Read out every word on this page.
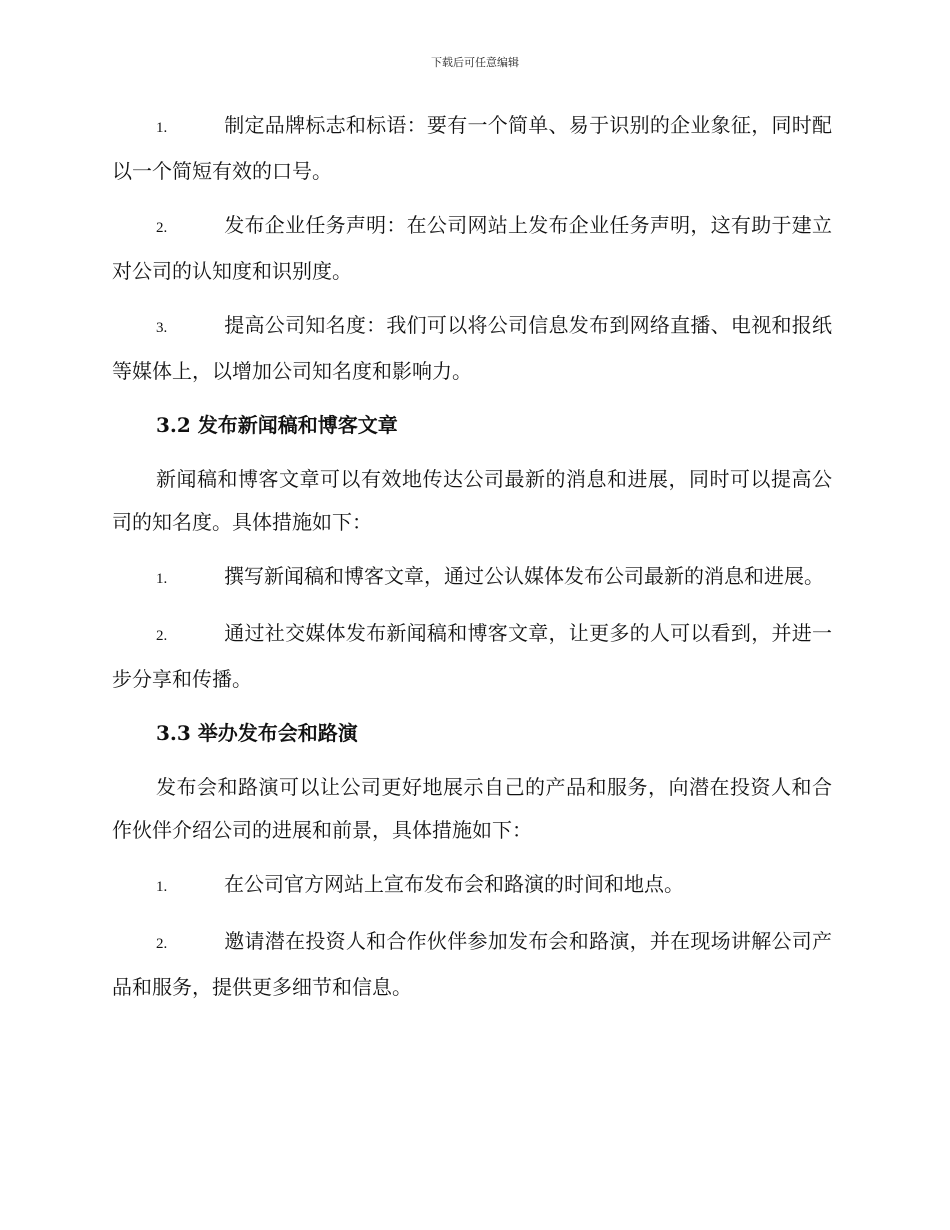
下载后可任意编辑

1.	制定品牌标志和标语：要有一个简单、易于识别的企业象征，同时配以一个简短有效的口号。

2.	发布企业任务声明：在公司网站上发布企业任务声明，这有助于建立对公司的认知度和识别度。

3.	提高公司知名度：我们可以将公司信息发布到网络直播、电视和报纸等媒体上，以增加公司知名度和影响力。

3.2 发布新闻稿和博客文章

新闻稿和博客文章可以有效地传达公司最新的消息和进展，同时可以提高公司的知名度。具体措施如下：

1.	撰写新闻稿和博客文章，通过公认媒体发布公司最新的消息和进展。

2.	通过社交媒体发布新闻稿和博客文章，让更多的人可以看到，并进一步分享和传播。

3.3 举办发布会和路演

发布会和路演可以让公司更好地展示自己的产品和服务，向潜在投资人和合作伙伴介绍公司的进展和前景，具体措施如下：

1.	在公司官方网站上宣布发布会和路演的时间和地点。

2.	邀请潜在投资人和合作伙伴参加发布会和路演，并在现场讲解公司产品和服务，提供更多细节和信息。
